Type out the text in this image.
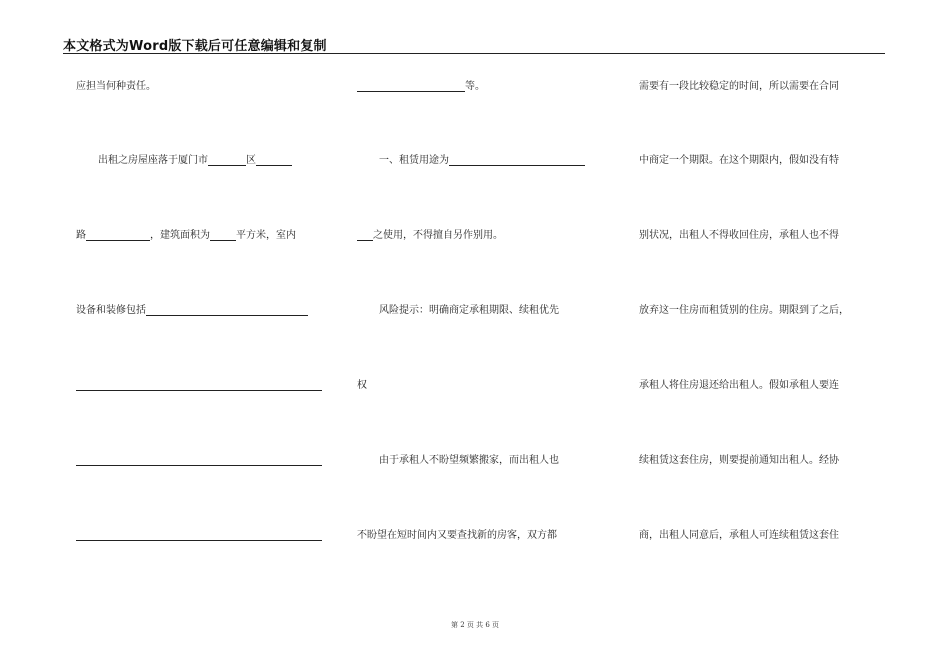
本文格式为Word版下载后可任意编辑和复制
应担当何种责任。
出租之房屋座落于厦门市	区
路	，建筑面积为	平方米，室内
设备和装修包括
等。
一、租赁用途为
之使用，不得擅自另作别用。
风险提示：明确商定承租期限、续租优先
权
由于承租人不盼望频繁搬家，而出租人也
不盼望在短时间内又要查找新的房客，双方都
需要有一段比较稳定的时间，所以需要在合同
中商定一个期限。在这个期限内，假如没有特
别状况，出租人不得收回住房，承租人也不得
放弃这一住房而租赁别的住房。期限到了之后，
承租人将住房退还给出租人。假如承租人要连
续租赁这套住房，则要提前通知出租人。经协
商，出租人同意后，承租人可连续租赁这套住
第 2 页 共 6 页
